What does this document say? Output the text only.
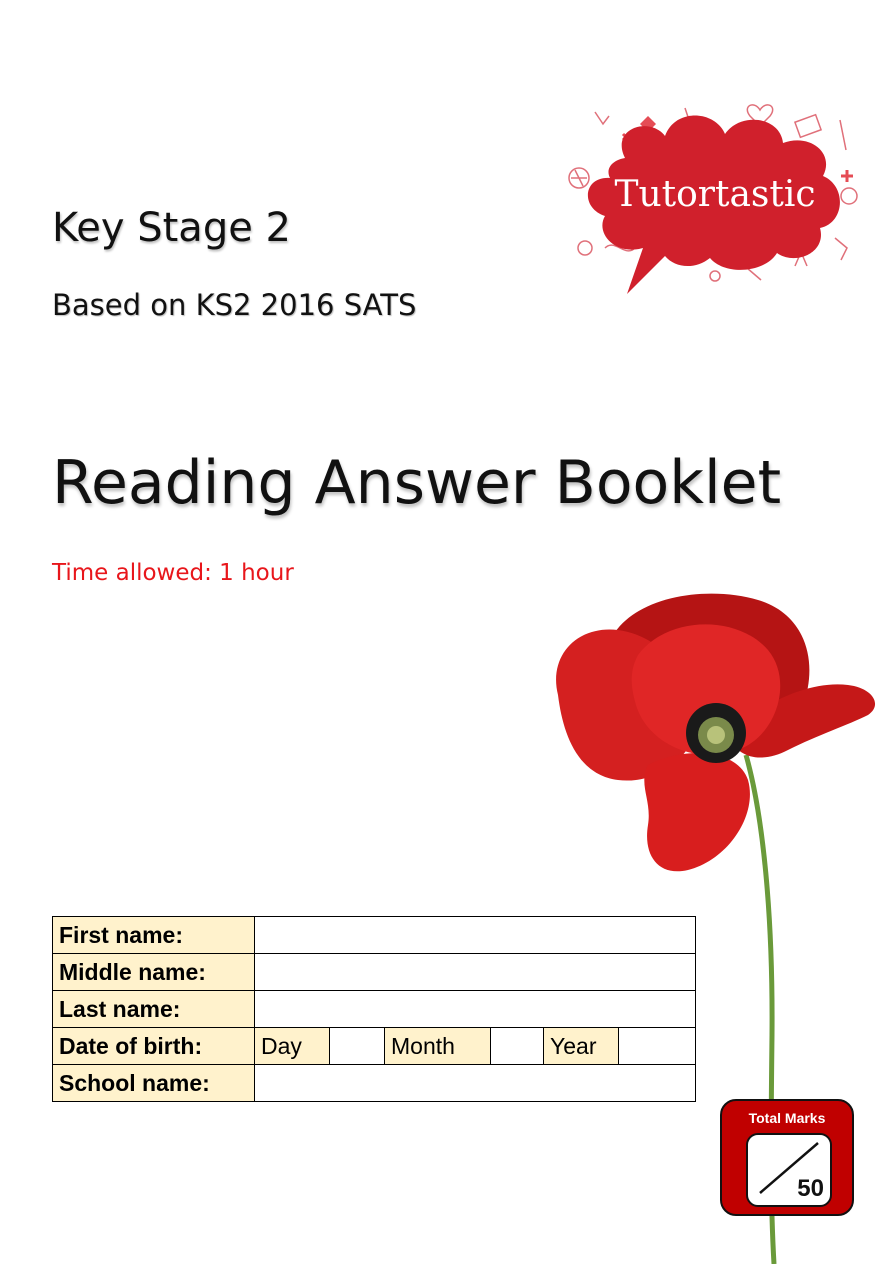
Tutortastic
Key Stage 2
Based on KS2 2016 SATS
Reading Answer Booklet
Time allowed: 1 hour
First name:						
Middle name:						
Last name:						
Date of birth:	Day		Month		Year	
School name:						
Total Marks
50
